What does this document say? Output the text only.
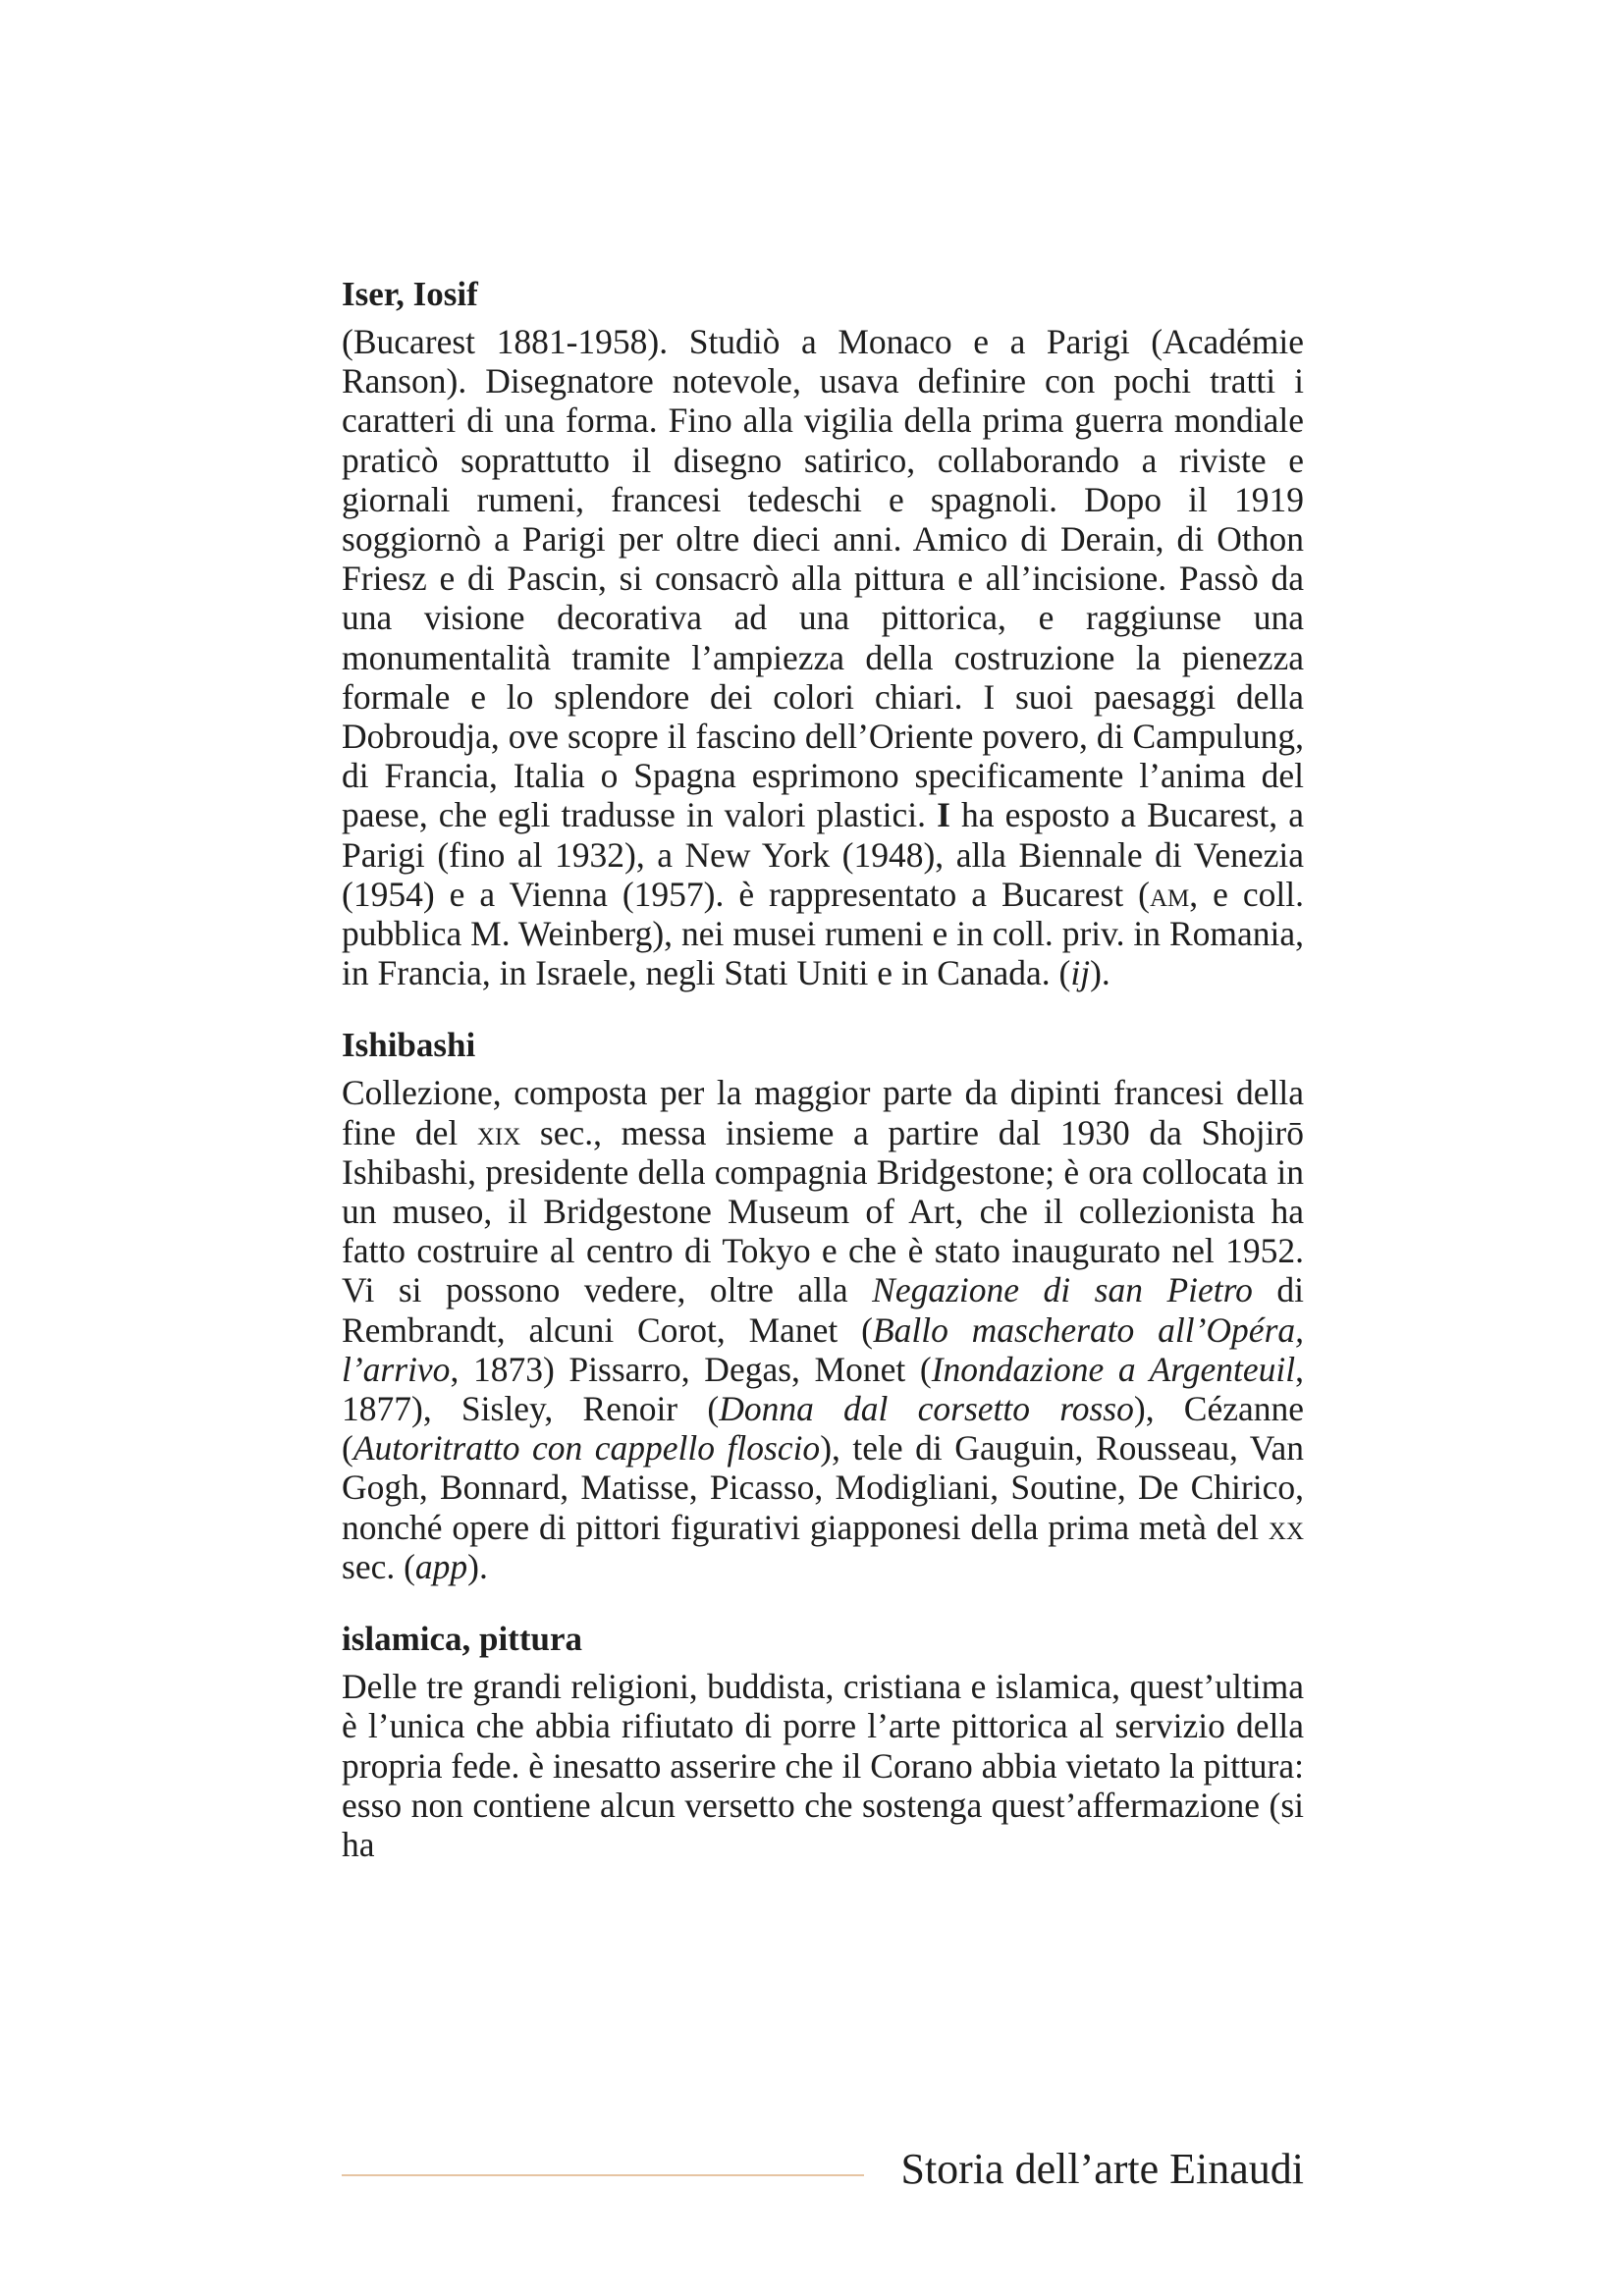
Iser, Iosif

(Bucarest 1881-1958). Studiò a Monaco e a Parigi (Académie Ranson). Disegnatore notevole, usava definire con pochi tratti i caratteri di una forma. Fino alla vigilia della prima guerra mondiale praticò soprattutto il disegno satirico, collaborando a riviste e giornali rumeni, francesi tedeschi e spagnoli. Dopo il 1919 soggiornò a Parigi per oltre dieci anni. Amico di Derain, di Othon Friesz e di Pascin, si consacrò alla pittura e all’incisione. Passò da una visione decorativa ad una pittorica, e raggiunse una monumentalità tramite l’ampiezza della costruzione la pienezza formale e lo splendore dei colori chiari. I suoi paesaggi della Dobroudja, ove scopre il fascino dell’Oriente povero, di Campulung, di Francia, Italia o Spagna esprimono specificamente l’anima del paese, che egli tradusse in valori plastici. I ha esposto a Bucarest, a Parigi (fino al 1932), a New York (1948), alla Biennale di Venezia (1954) e a Vienna (1957). è rappresentato a Bucarest (am, e coll. pubblica M. Weinberg), nei musei rumeni e in coll. priv. in Romania, in Francia, in Israele, negli Stati Uniti e in Canada. (ij).

Ishibashi

Collezione, composta per la maggior parte da dipinti francesi della fine del xix sec., messa insieme a partire dal 1930 da Shojirō Ishibashi, presidente della compagnia Bridgestone; è ora collocata in un museo, il Bridgestone Museum of Art, che il collezionista ha fatto costruire al centro di Tokyo e che è stato inaugurato nel 1952. Vi si possono vedere, oltre alla Negazione di san Pietro di Rembrandt, alcuni Corot, Manet (Ballo mascherato all’Opéra, l’arrivo, 1873) Pissarro, Degas, Monet (Inondazione a Argenteuil, 1877), Sisley, Renoir (Donna dal corsetto rosso), Cézanne (Autoritratto con cappello floscio), tele di Gauguin, Rousseau, Van Gogh, Bonnard, Matisse, Picasso, Modigliani, Soutine, De Chirico, nonché opere di pittori figurativi giapponesi della prima metà del xx sec. (app).

islamica, pittura

Delle tre grandi religioni, buddista, cristiana e islamica, quest’ultima è l’unica che abbia rifiutato di porre l’arte pittorica al servizio della propria fede. è inesatto asserire che il Corano abbia vietato la pittura: esso non contiene alcun versetto che sostenga quest’affermazione (si ha

Storia dell’arte Einaudi
